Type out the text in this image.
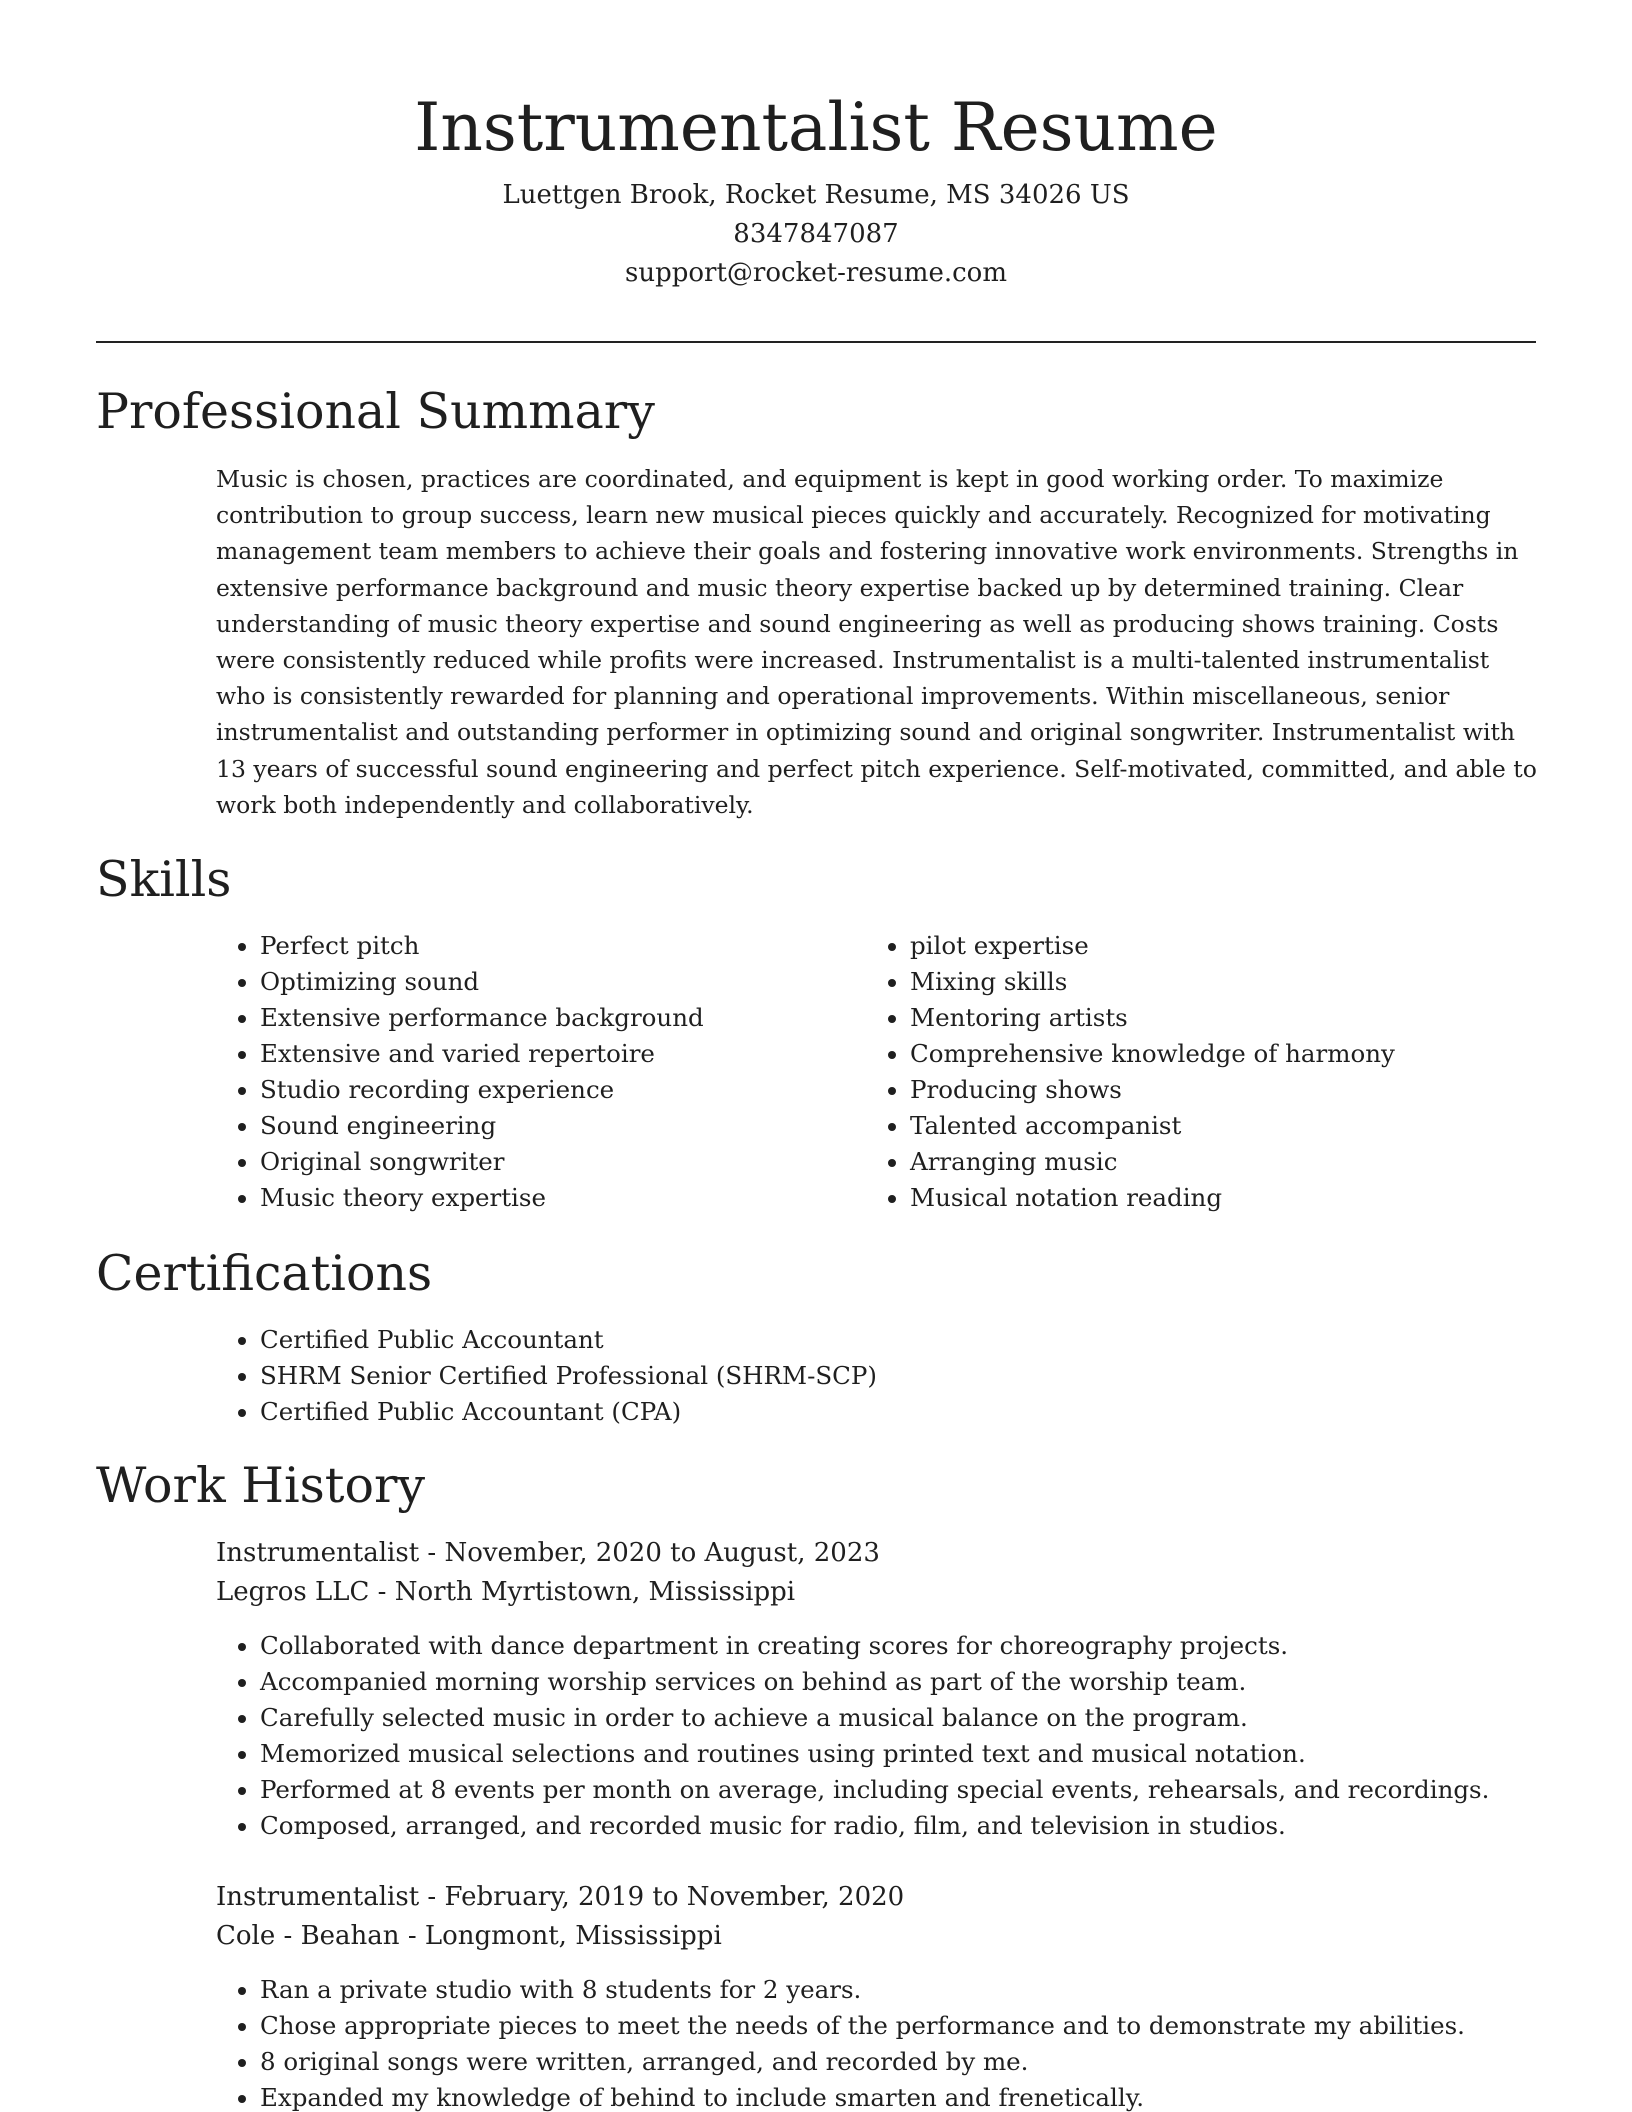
Instrumentalist Resume
Luettgen Brook, Rocket Resume, MS 34026 US
8347847087
support@rocket-resume.com
Professional Summary

Music is chosen, practices are coordinated, and equipment is kept in good working order. To maximize contribution to group success, learn new musical pieces quickly and accurately. Recognized for motivating management team members to achieve their goals and fostering innovative work environments. Strengths in extensive performance background and music theory expertise backed up by determined training. Clear understanding of music theory expertise and sound engineering as well as producing shows training. Costs were consistently reduced while profits were increased. Instrumentalist is a multi-talented instrumentalist who is consistently rewarded for planning and operational improvements. Within miscellaneous, senior instrumentalist and outstanding performer in optimizing sound and original songwriter. Instrumentalist with 13 years of successful sound engineering and perfect pitch experience. Self-motivated, committed, and able to work both independently and collaboratively.

Skills
• Perfect pitch
• Optimizing sound
• Extensive performance background
• Extensive and varied repertoire
• Studio recording experience
• Sound engineering
• Original songwriter
• Music theory expertise
• pilot expertise
• Mixing skills
• Mentoring artists
• Comprehensive knowledge of harmony
• Producing shows
• Talented accompanist
• Arranging music
• Musical notation reading
Certifications
• Certified Public Accountant
• SHRM Senior Certified Professional (SHRM-SCP)
• Certified Public Accountant (CPA)
Work History
Instrumentalist - November, 2020 to August, 2023
Legros LLC - North Myrtistown, Mississippi
• Collaborated with dance department in creating scores for choreography projects.
• Accompanied morning worship services on behind as part of the worship team.
• Carefully selected music in order to achieve a musical balance on the program.
• Memorized musical selections and routines using printed text and musical notation.
• Performed at 8 events per month on average, including special events, rehearsals, and recordings.
• Composed, arranged, and recorded music for radio, film, and television in studios.
Instrumentalist - February, 2019 to November, 2020
Cole - Beahan - Longmont, Mississippi
• Ran a private studio with 8 students for 2 years.
• Chose appropriate pieces to meet the needs of the performance and to demonstrate my abilities.
• 8 original songs were written, arranged, and recorded by me.
• Expanded my knowledge of behind to include smarten and frenetically.
